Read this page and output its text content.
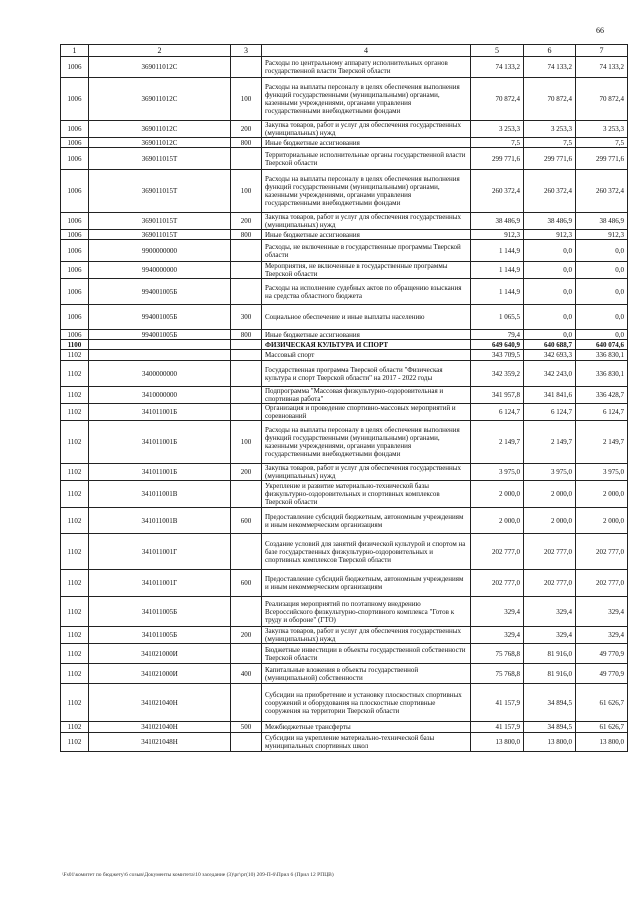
66
1	2	3	4	5	6	7
1006	369011012C		Расходы по центральному аппарату исполнительных органов государственной власти Тверской области	74 133,2	74 133,2	74 133,2
1006	369011012C	100	Расходы на выплаты персоналу в целях обеспечения выполнения функций государственными (муниципальными) органами, казенными учреждениями, органами управления государственными внебюджетными фондами	70 872,4	70 872,4	70 872,4
1006	369011012C	200	Закупка товаров, работ и услуг для обеспечения государственных (муниципальных) нужд	3 253,3	3 253,3	3 253,3
1006	369011012C	800	Иные бюджетные ассигнования	7,5	7,5	7,5
1006	369011015T		Территориальные исполнительные органы государственной власти Тверской области	299 771,6	299 771,6	299 771,6
1006	369011015T	100	Расходы на выплаты персоналу в целях обеспечения выполнения функций государственными (муниципальными) органами, казенными учреждениями, органами управления государственными внебюджетными фондами	260 372,4	260 372,4	260 372,4
1006	369011015T	200	Закупка товаров, работ и услуг для обеспечения государственных (муниципальных) нужд	38 486,9	38 486,9	38 486,9
1006	369011015T	800	Иные бюджетные ассигнования	912,3	912,3	912,3
1006	9900000000		Расходы, не включенные в государственные программы Тверской области	1 144,9	0,0	0,0
1006	9940000000		Мероприятия, не включенные в государственные программы Тверской области	1 144,9	0,0	0,0
1006	994001005Б		Расходы на исполнение судебных актов по обращению взыскания на средства областного бюджета	1 144,9	0,0	0,0
1006	994001005Б	300	Социальное обеспечение и иные выплаты населению	1 065,5	0,0	0,0
1006	994001005Б	800	Иные бюджетные ассигнования	79,4	0,0	0,0
1100			ФИЗИЧЕСКАЯ КУЛЬТУРА И СПОРТ	649 640,9	640 688,7	640 074,6
1102			Массовый спорт	343 709,5	342 693,3	336 830,1
1102	3400000000		Государственная программа Тверской области "Физическая культура и спорт Тверской области" на 2017 - 2022 годы	342 359,2	342 243,0	336 830,1
1102	3410000000		Подпрограмма "Массовая физкультурно-оздоровительная и спортивная работа"	341 957,8	341 841,6	336 428,7
1102	341011001Б		Организация и проведение спортивно-массовых мероприятий и соревнований	6 124,7	6 124,7	6 124,7
1102	341011001Б	100	Расходы на выплаты персоналу в целях обеспечения выполнения функций государственными (муниципальными) органами, казенными учреждениями, органами управления государственными внебюджетными фондами	2 149,7	2 149,7	2 149,7
1102	341011001Б	200	Закупка товаров, работ и услуг для обеспечения государственных (муниципальных) нужд	3 975,0	3 975,0	3 975,0
1102	341011001В		Укрепление и развитие материально-технической базы физкультурно-оздоровительных и спортивных комплексов Тверской области	2 000,0	2 000,0	2 000,0
1102	341011001В	600	Предоставление субсидий бюджетным, автономным учреждениям и иным некоммерческим организациям	2 000,0	2 000,0	2 000,0
1102	341011001Г		Создание условий для занятий физической культурой и спортом на базе государственных физкультурно-оздоровительных и спортивных комплексов Тверской области	202 777,0	202 777,0	202 777,0
1102	341011001Г	600	Предоставление субсидий бюджетным, автономным учреждениям и иным некоммерческим организациям	202 777,0	202 777,0	202 777,0
1102	341011005Б		Реализация мероприятий по поэтапному внедрению Всероссийского физкультурно-спортивного комплекса "Готов к труду и обороне" (ГТО)	329,4	329,4	329,4
1102	341011005Б	200	Закупка товаров, работ и услуг для обеспечения государственных (муниципальных) нужд	329,4	329,4	329,4
1102	341021000И		Бюджетные инвестиции в объекты государственной собственности Тверской области	75 768,8	81 916,0	49 770,9
1102	341021000И	400	Капитальные вложения в объекты государственной (муниципальной) собственности	75 768,8	81 916,0	49 770,9
1102	341021040Н		Субсидии на приобретение и установку плоскостных спортивных сооружений и оборудования на плоскостные спортивные сооружения на территории Тверской области	41 157,9	34 894,5	61 626,7
1102	341021040Н	500	Межбюджетные трансферты	41 157,9	34 894,5	61 626,7
1102	341021048Н		Субсидии на укрепление материально-технической базы муниципальных спортивных школ	13 800,0	13 800,0	13 800,0
\Fs01\комитет по бюджету\6 созыв\Документы комитета\10 заседание (3)\рг\рг(10) 209-П-6\Прил 6 (Прил 12 РПЦВ)
